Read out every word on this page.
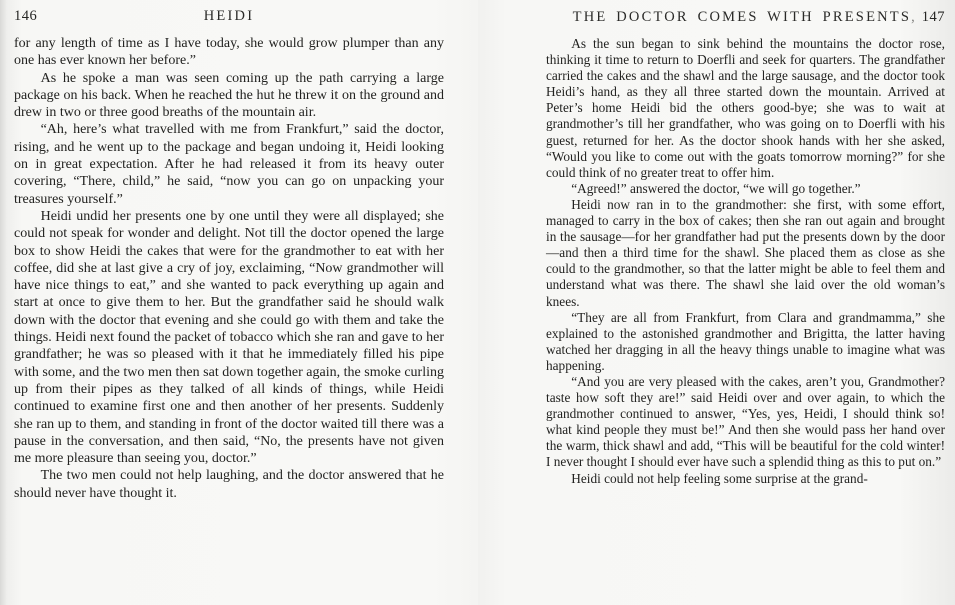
146	HEIDI

for any length of time as I have today, she would grow plumper than any one has ever known her before.”

As he spoke a man was seen coming up the path carrying a large package on his back. When he reached the hut he threw it on the ground and drew in two or three good breaths of the mountain air.

“Ah, here’s what travelled with me from Frankfurt,” said the doctor, rising, and he went up to the package and began undoing it, Heidi looking on in great expectation. After he had released it from its heavy outer covering, “There, child,” he said, “now you can go on unpacking your treasures yourself.”

Heidi undid her presents one by one until they were all displayed; she could not speak for wonder and delight. Not till the doctor opened the large box to show Heidi the cakes that were for the grandmother to eat with her coffee, did she at last give a cry of joy, exclaiming, “Now grandmother will have nice things to eat,” and she wanted to pack everything up again and start at once to give them to her. But the grandfather said he should walk down with the doctor that evening and she could go with them and take the things. Heidi next found the packet of tobacco which she ran and gave to her grandfather; he was so pleased with it that he immediately filled his pipe with some, and the two men then sat down together again, the smoke curling up from their pipes as they talked of all kinds of things, while Heidi continued to examine first one and then another of her presents. Suddenly she ran up to them, and standing in front of the doctor waited till there was a pause in the conversation, and then said, “No, the presents have not given me more pleasure than seeing you, doctor.”

The two men could not help laughing, and the doctor answered that he should never have thought it.

THE DOCTOR COMES WITH PRESENTS , 147

As the sun began to sink behind the mountains the doctor rose, thinking it time to return to Doerfli and seek for quarters. The grandfather carried the cakes and the shawl and the large sausage, and the doctor took Heidi’s hand, as they all three started down the mountain. Arrived at Peter’s home Heidi bid the others good-bye; she was to wait at grandmother’s till her grandfather, who was going on to Doerfli with his guest, returned for her. As the doctor shook hands with her she asked, “Would you like to come out with the goats tomorrow morning?” for she could think of no greater treat to offer him.

“Agreed!” answered the doctor, “we will go together.”

Heidi now ran in to the grandmother: she first, with some effort, managed to carry in the box of cakes; then she ran out again and brought in the sausage—for her grandfather had put the presents down by the door—and then a third time for the shawl. She placed them as close as she could to the grandmother, so that the latter might be able to feel them and understand what was there. The shawl she laid over the old woman’s knees.

“They are all from Frankfurt, from Clara and grandmamma,” she explained to the astonished grandmother and Brigitta, the latter having watched her dragging in all the heavy things unable to imagine what was happening.

“And you are very pleased with the cakes, aren’t you, Grandmother? taste how soft they are!” said Heidi over and over again, to which the grandmother continued to answer, “Yes, yes, Heidi, I should think so! what kind people they must be!” And then she would pass her hand over the warm, thick shawl and add, “This will be beautiful for the cold winter! I never thought I should ever have such a splendid thing as this to put on.”

Heidi could not help feeling some surprise at the grand-
